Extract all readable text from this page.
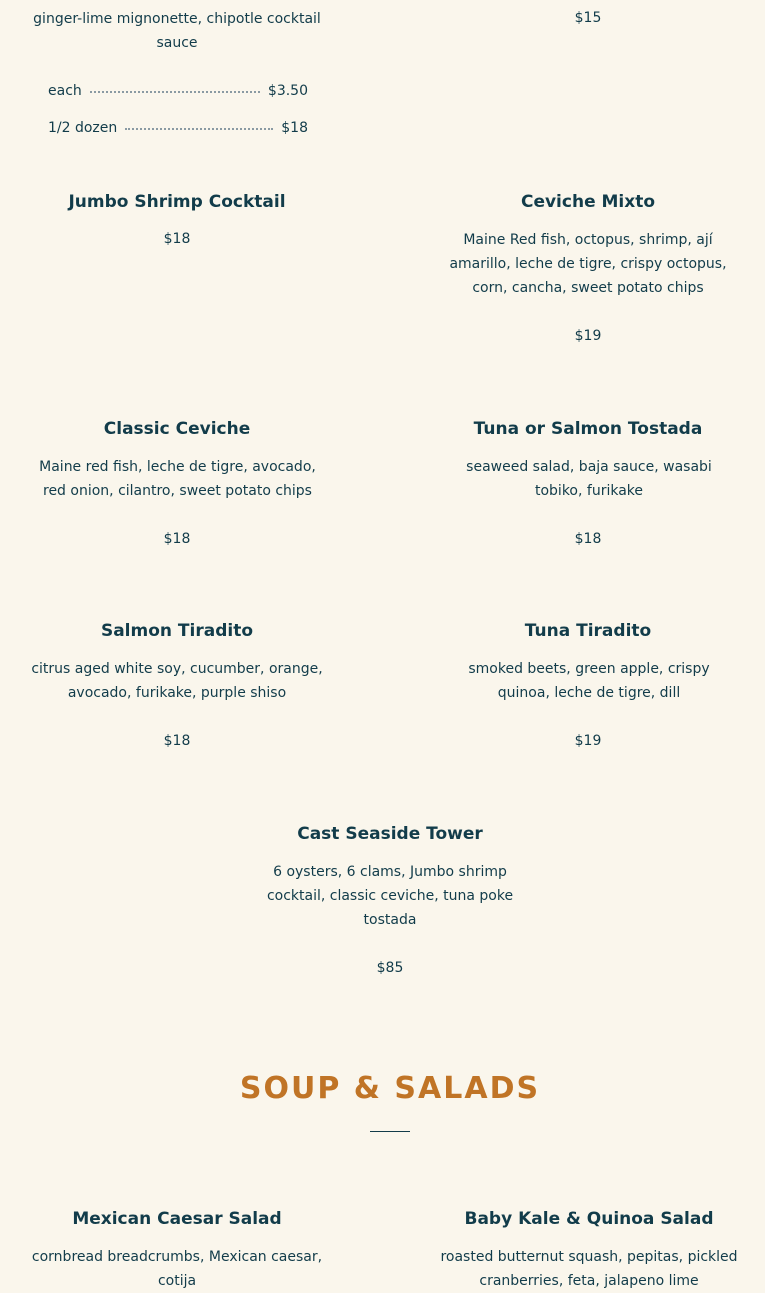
ginger-lime mignonette, chipotle cocktail sauce
each	$3.50
1/2 dozen	$18
$15
Jumbo Shrimp Cocktail
$18
Ceviche Mixto
Maine Red fish, octopus, shrimp, ají amarillo, leche de tigre, crispy octopus, corn, cancha, sweet potato chips
$19
Classic Ceviche
Maine red fish, leche de tigre, avocado, red onion, cilantro, sweet potato chips
$18
Tuna or Salmon Tostada
seaweed salad, baja sauce, wasabi tobiko, furikake
$18
Salmon Tiradito
citrus aged white soy, cucumber, orange, avocado, furikake, purple shiso
$18
Tuna Tiradito
smoked beets, green apple, crispy quinoa, leche de tigre, dill
$19
Cast Seaside Tower
6 oysters, 6 clams, Jumbo shrimp cocktail, classic ceviche, tuna poke tostada
$85
SOUP & SALADS
Mexican Caesar Salad
cornbread breadcrumbs, Mexican caesar, cotija
Baby Kale & Quinoa Salad
roasted butternut squash, pepitas, pickled cranberries, feta, jalapeno lime
